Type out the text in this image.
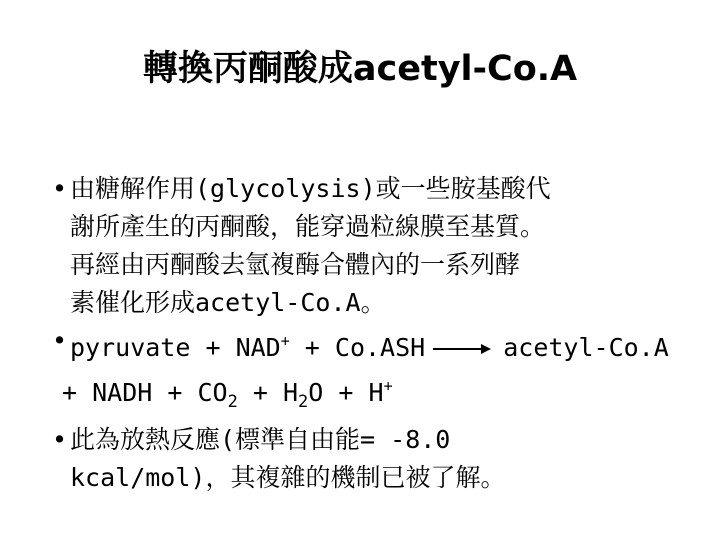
轉換丙酮酸成acetyl-Co.A
• 由糖解作用(glycolysis)或一些胺基酸代
謝所產生的丙酮酸，能穿過粒線膜至基質。
再經由丙酮酸去氫複酶合體內的一系列酵
素催化形成acetyl-Co.A。
• pyruvate + NAD+ + Co.ASH	acetyl-Co.A
+ NADH + $CO_2 + H_2O + H^+$
• 此為放熱反應(標準自由能= -8.0
kcal/mol)，其複雜的機制已被了解。
